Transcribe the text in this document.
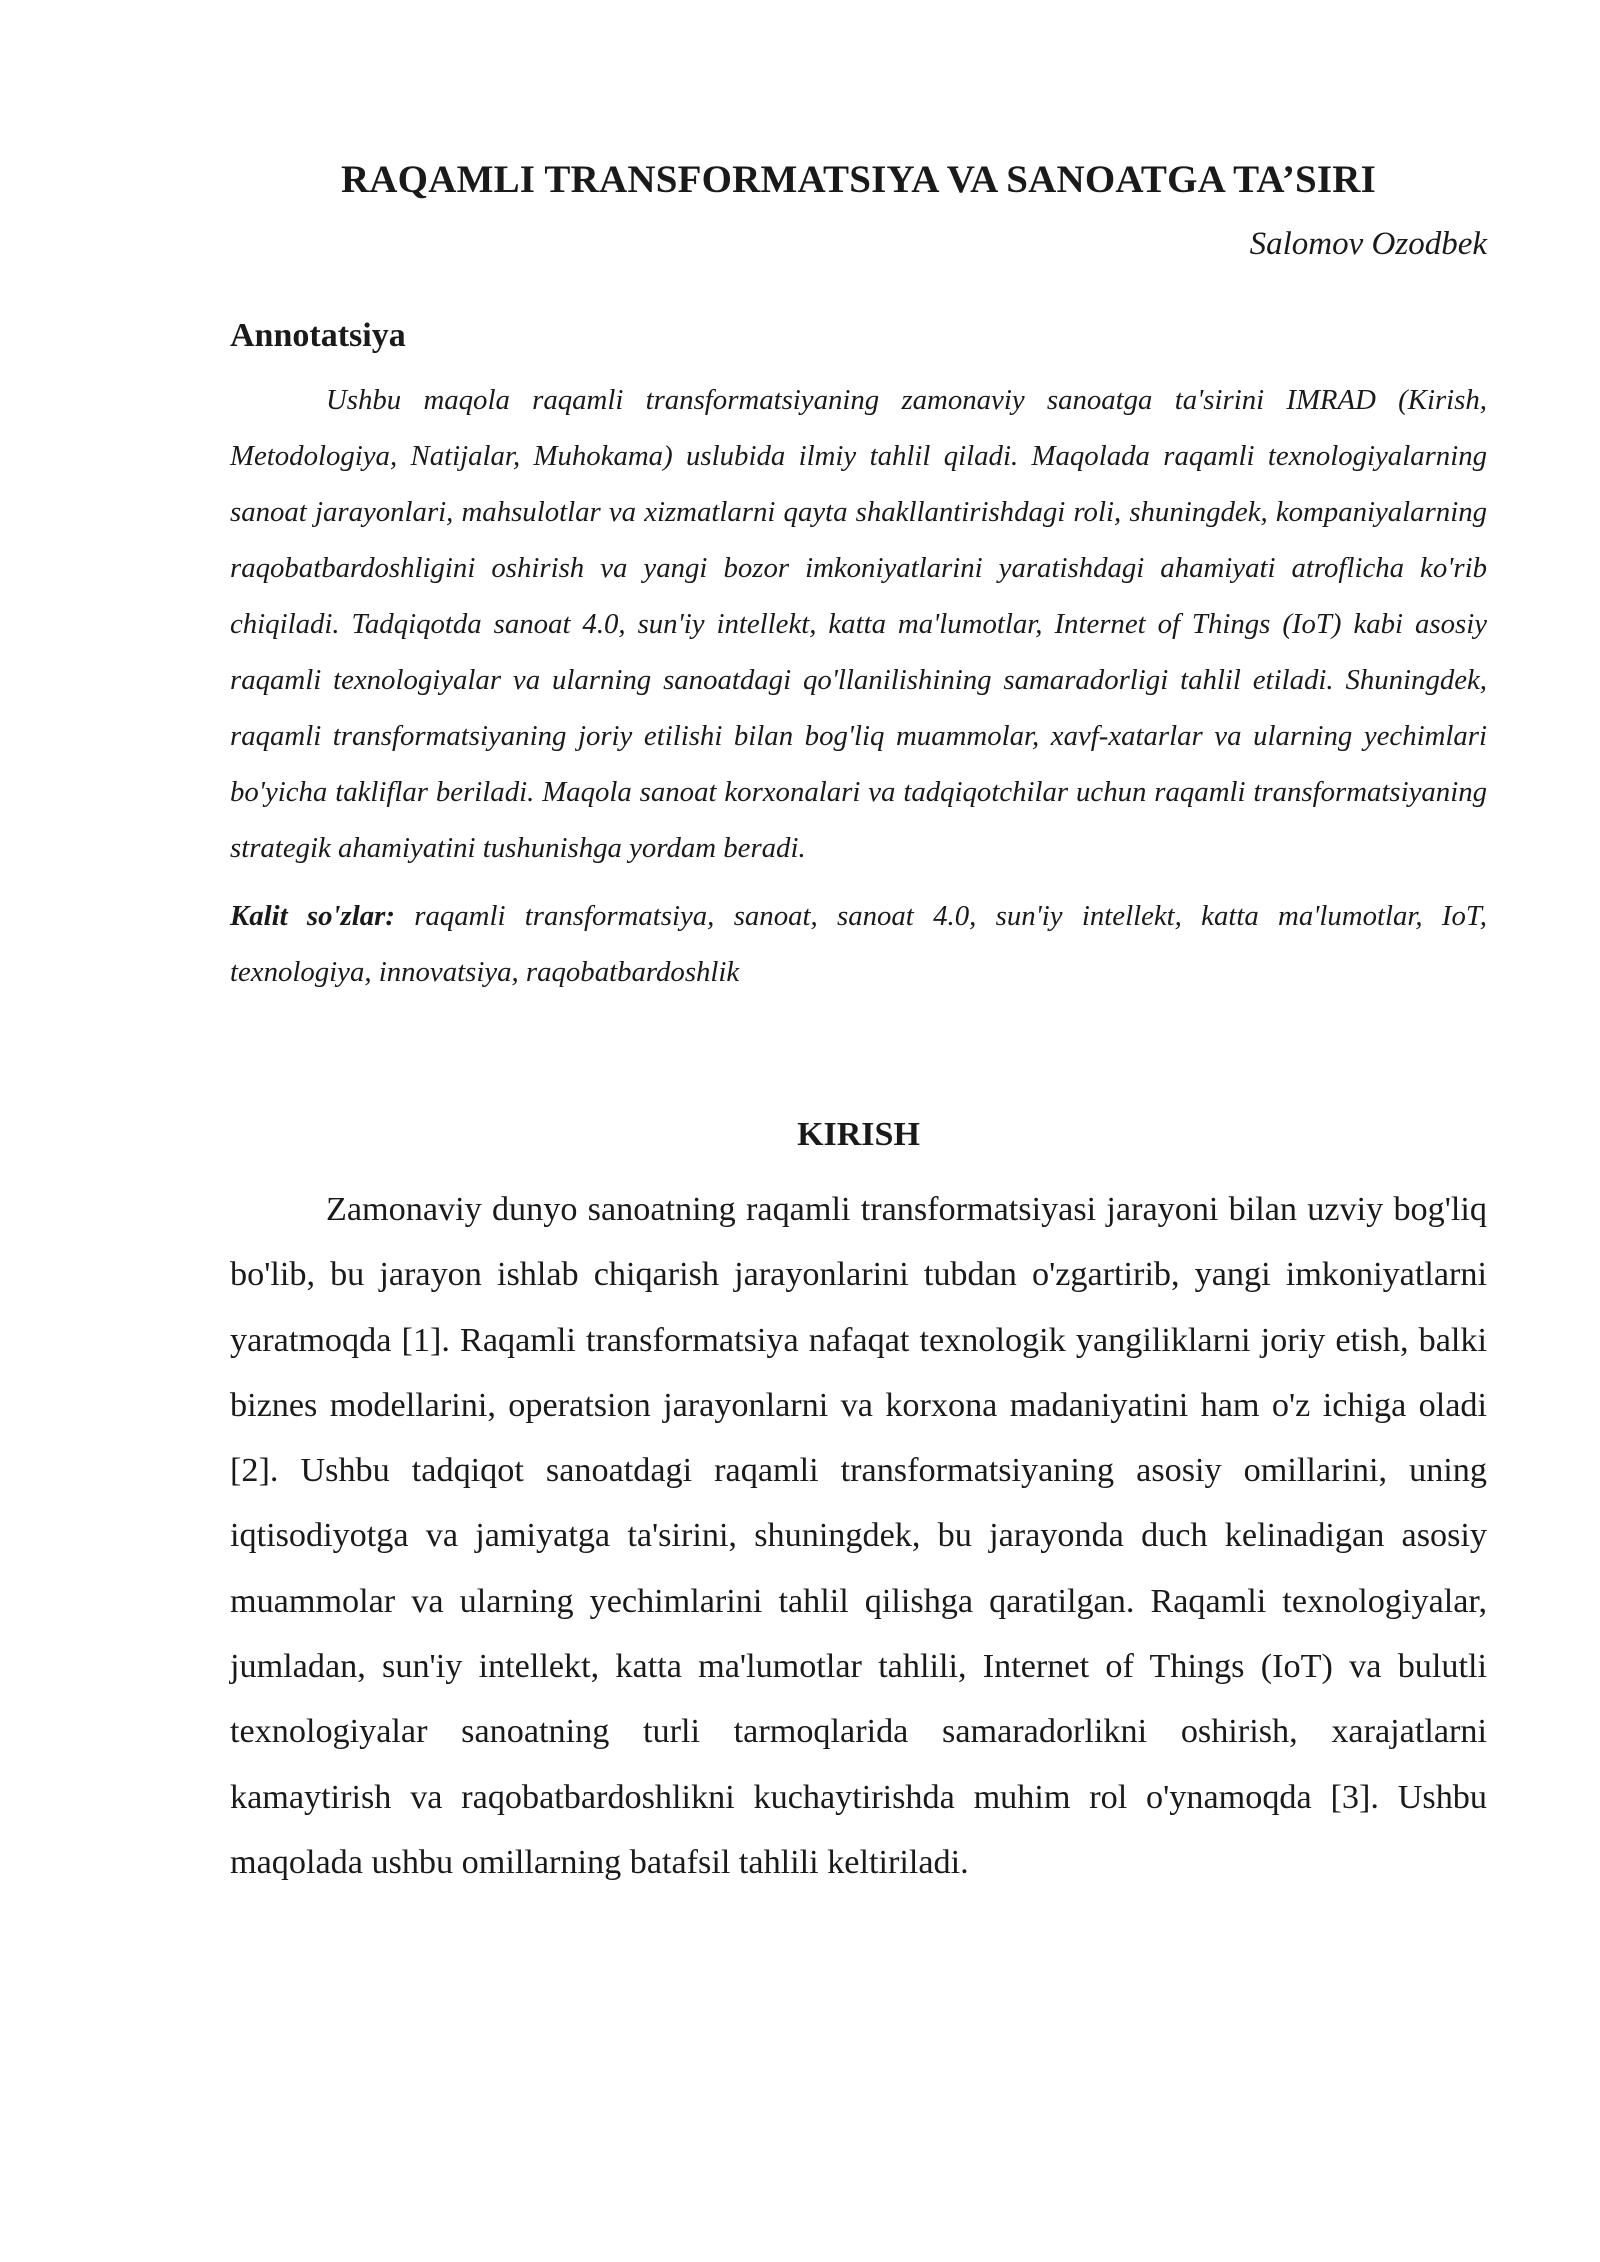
RAQAMLI TRANSFORMATSIYA VA SANOATGA TA’SIRI
Salomov Ozodbek
Annotatsiya

Ushbu maqola raqamli transformatsiyaning zamonaviy sanoatga ta'sirini IMRAD (Kirish, Metodologiya, Natijalar, Muhokama) uslubida ilmiy tahlil qiladi. Maqolada raqamli texnologiyalarning sanoat jarayonlari, mahsulotlar va xizmatlarni qayta shakllantirishdagi roli, shuningdek, kompaniyalarning raqobatbardoshligini oshirish va yangi bozor imkoniyatlarini yaratishdagi ahamiyati atroflicha ko'rib chiqiladi. Tadqiqotda sanoat 4.0, sun'iy intellekt, katta ma'lumotlar, Internet of Things (IoT) kabi asosiy raqamli texnologiyalar va ularning sanoatdagi qo'llanilishining samaradorligi tahlil etiladi. Shuningdek, raqamli transformatsiyaning joriy etilishi bilan bog'liq muammolar, xavf-xatarlar va ularning yechimlari bo'yicha takliflar beriladi. Maqola sanoat korxonalari va tadqiqotchilar uchun raqamli transformatsiyaning strategik ahamiyatini tushunishga yordam beradi.

Kalit so'zlar: raqamli transformatsiya, sanoat, sanoat 4.0, sun'iy intellekt, katta ma'lumotlar, IoT, texnologiya, innovatsiya, raqobatbardoshlik

KIRISH

Zamonaviy dunyo sanoatning raqamli transformatsiyasi jarayoni bilan uzviy bog'liq bo'lib, bu jarayon ishlab chiqarish jarayonlarini tubdan o'zgartirib, yangi imkoniyatlarni yaratmoqda [1]. Raqamli transformatsiya nafaqat texnologik yangiliklarni joriy etish, balki biznes modellarini, operatsion jarayonlarni va korxona madaniyatini ham o'z ichiga oladi [2]. Ushbu tadqiqot sanoatdagi raqamli transformatsiyaning asosiy omillarini, uning iqtisodiyotga va jamiyatga ta'sirini, shuningdek, bu jarayonda duch kelinadigan asosiy muammolar va ularning yechimlarini tahlil qilishga qaratilgan. Raqamli texnologiyalar, jumladan, sun'iy intellekt, katta ma'lumotlar tahlili, Internet of Things (IoT) va bulutli texnologiyalar sanoatning turli tarmoqlarida samaradorlikni oshirish, xarajatlarni kamaytirish va raqobatbardoshlikni kuchaytirishda muhim rol o'ynamoqda [3]. Ushbu maqolada ushbu omillarning batafsil tahlili keltiriladi.
